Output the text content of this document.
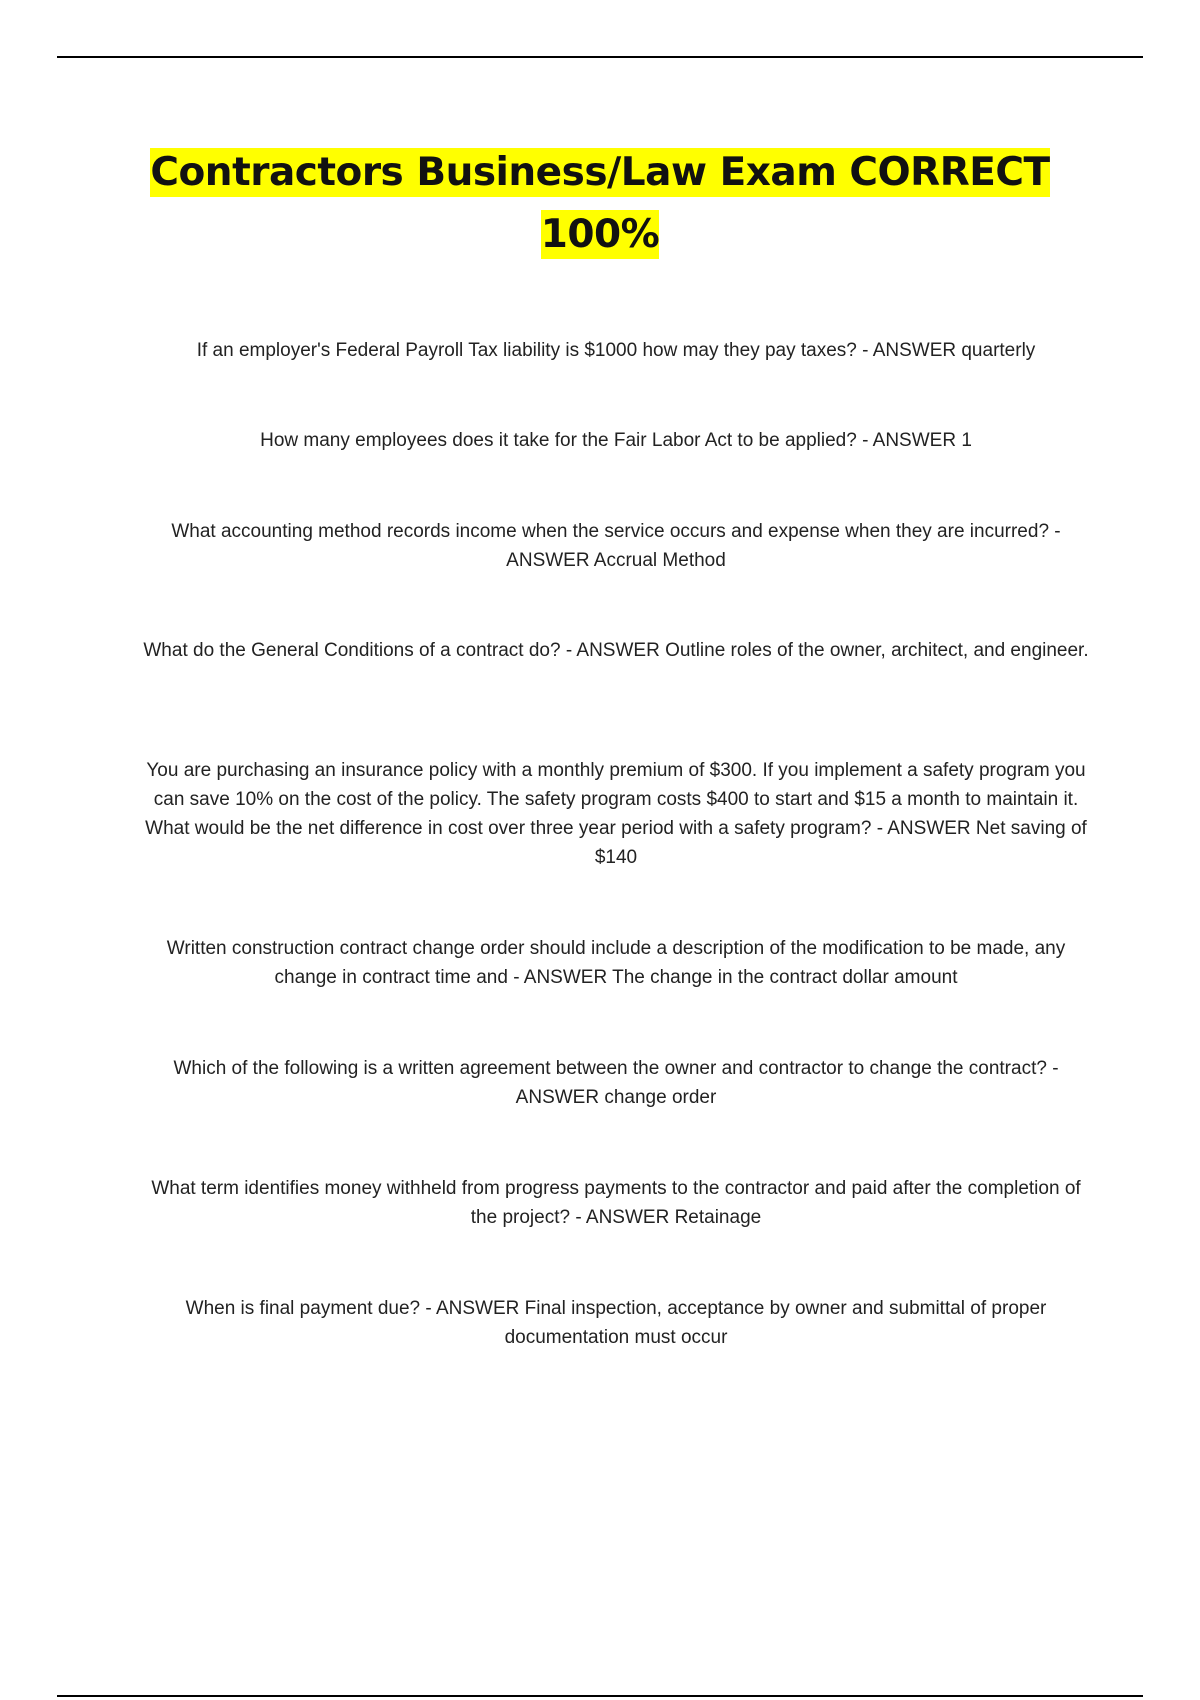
Contractors Business/Law Exam CORRECT 100%

If an employer's Federal Payroll Tax liability is $1000 how may they pay taxes? - ANSWER quarterly

How many employees does it take for the Fair Labor Act to be applied? - ANSWER 1

What accounting method records income when the service occurs and expense when they are incurred? - ANSWER Accrual Method

What do the General Conditions of a contract do? - ANSWER Outline roles of the owner, architect, and engineer.

You are purchasing an insurance policy with a monthly premium of $300. If you implement a safety program you can save 10% on the cost of the policy. The safety program costs $400 to start and $15 a month to maintain it. What would be the net difference in cost over three year period with a safety program? - ANSWER Net saving of $140

Written construction contract change order should include a description of the modification to be made, any change in contract time and - ANSWER The change in the contract dollar amount

Which of the following is a written agreement between the owner and contractor to change the contract? - ANSWER change order

What term identifies money withheld from progress payments to the contractor and paid after the completion of the project? - ANSWER Retainage

When is final payment due? - ANSWER Final inspection, acceptance by owner and submittal of proper documentation must occur
